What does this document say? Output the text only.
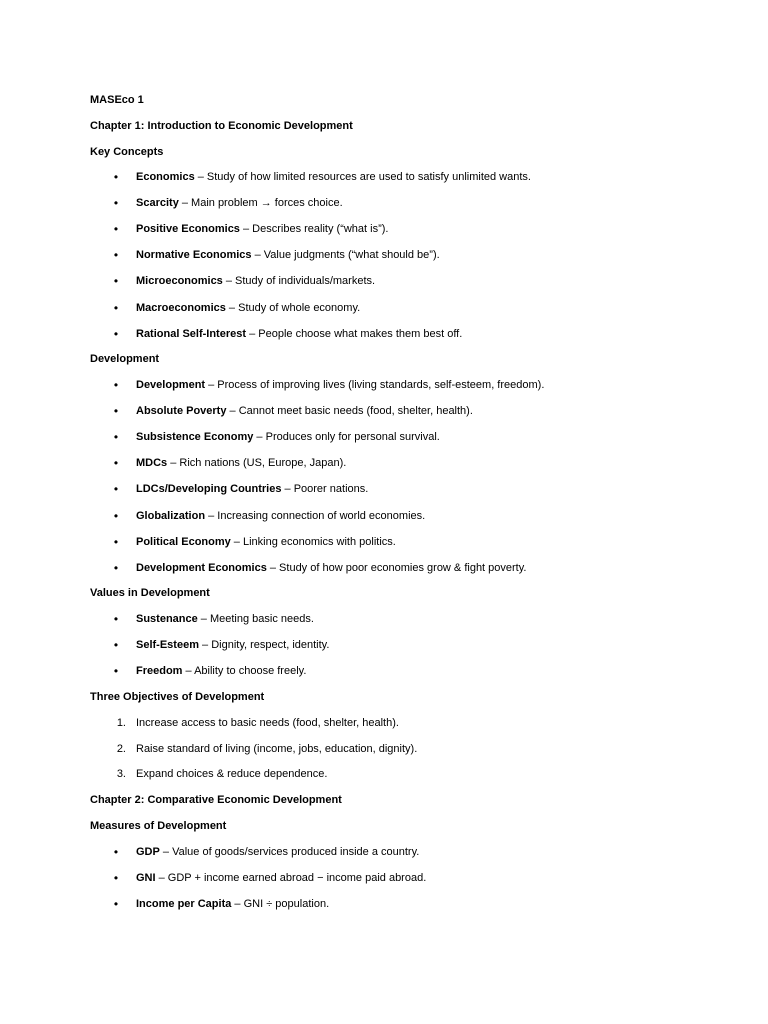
MASEco 1
Chapter 1: Introduction to Economic Development
Key Concepts
• Economics – Study of how limited resources are used to satisfy unlimited wants.
• Scarcity – Main problem → forces choice.
• Positive Economics – Describes reality (“what is”).
• Normative Economics – Value judgments (“what should be”).
• Microeconomics – Study of individuals/markets.
• Macroeconomics – Study of whole economy.
• Rational Self-Interest – People choose what makes them best off.
Development
• Development – Process of improving lives (living standards, self-esteem, freedom).
• Absolute Poverty – Cannot meet basic needs (food, shelter, health).
• Subsistence Economy – Produces only for personal survival.
• MDCs – Rich nations (US, Europe, Japan).
• LDCs/Developing Countries – Poorer nations.
• Globalization – Increasing connection of world economies.
• Political Economy – Linking economics with politics.
• Development Economics – Study of how poor economies grow & fight poverty.
Values in Development
• Sustenance – Meeting basic needs.
• Self-Esteem – Dignity, respect, identity.
• Freedom – Ability to choose freely.
Three Objectives of Development
1. Increase access to basic needs (food, shelter, health).
2. Raise standard of living (income, jobs, education, dignity).
3. Expand choices & reduce dependence.
Chapter 2: Comparative Economic Development
Measures of Development
• GDP – Value of goods/services produced inside a country.
• GNI – GDP + income earned abroad − income paid abroad.
• Income per Capita – GNI ÷ population.
